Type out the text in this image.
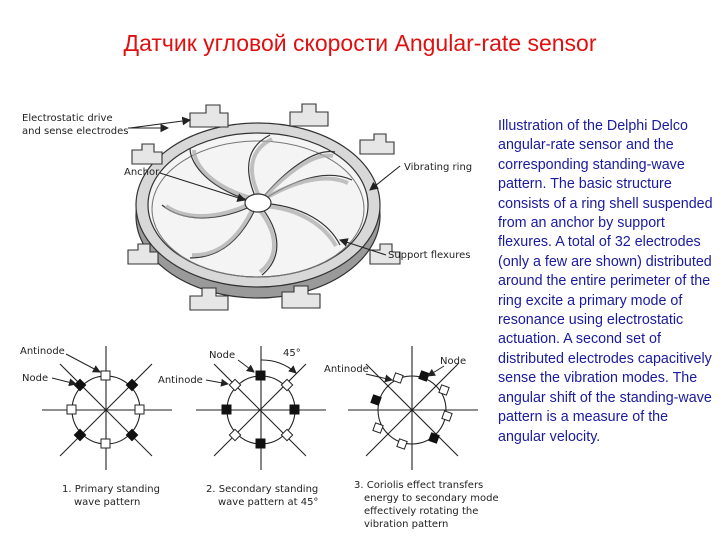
Датчик угловой скорости Angular-rate sensor
Illustration of the Delphi Delco angular-rate sensor and the corresponding standing-wave pattern. The basic structure consists of a ring shell suspended from an anchor by support flexures. A total of 32 electrodes (only a few are shown) distributed around the entire perimeter of the ring excite a primary mode of resonance using electrostatic actuation. A second set of distributed electrodes capacitively sense the vibration modes. The angular shift of the standing-wave pattern is a measure of the angular velocity.
Electrostatic drive
and sense electrodes
Anchor	Vibrating ring
Support flexures
Antinode
Node
1. Primary standing
wave pattern
Node	45°
Antinode
2. Secondary standing
wave pattern at 45°
Antinode
Node
3. Coriolis effect transfers
energy to secondary mode
effectively rotating the
vibration pattern
